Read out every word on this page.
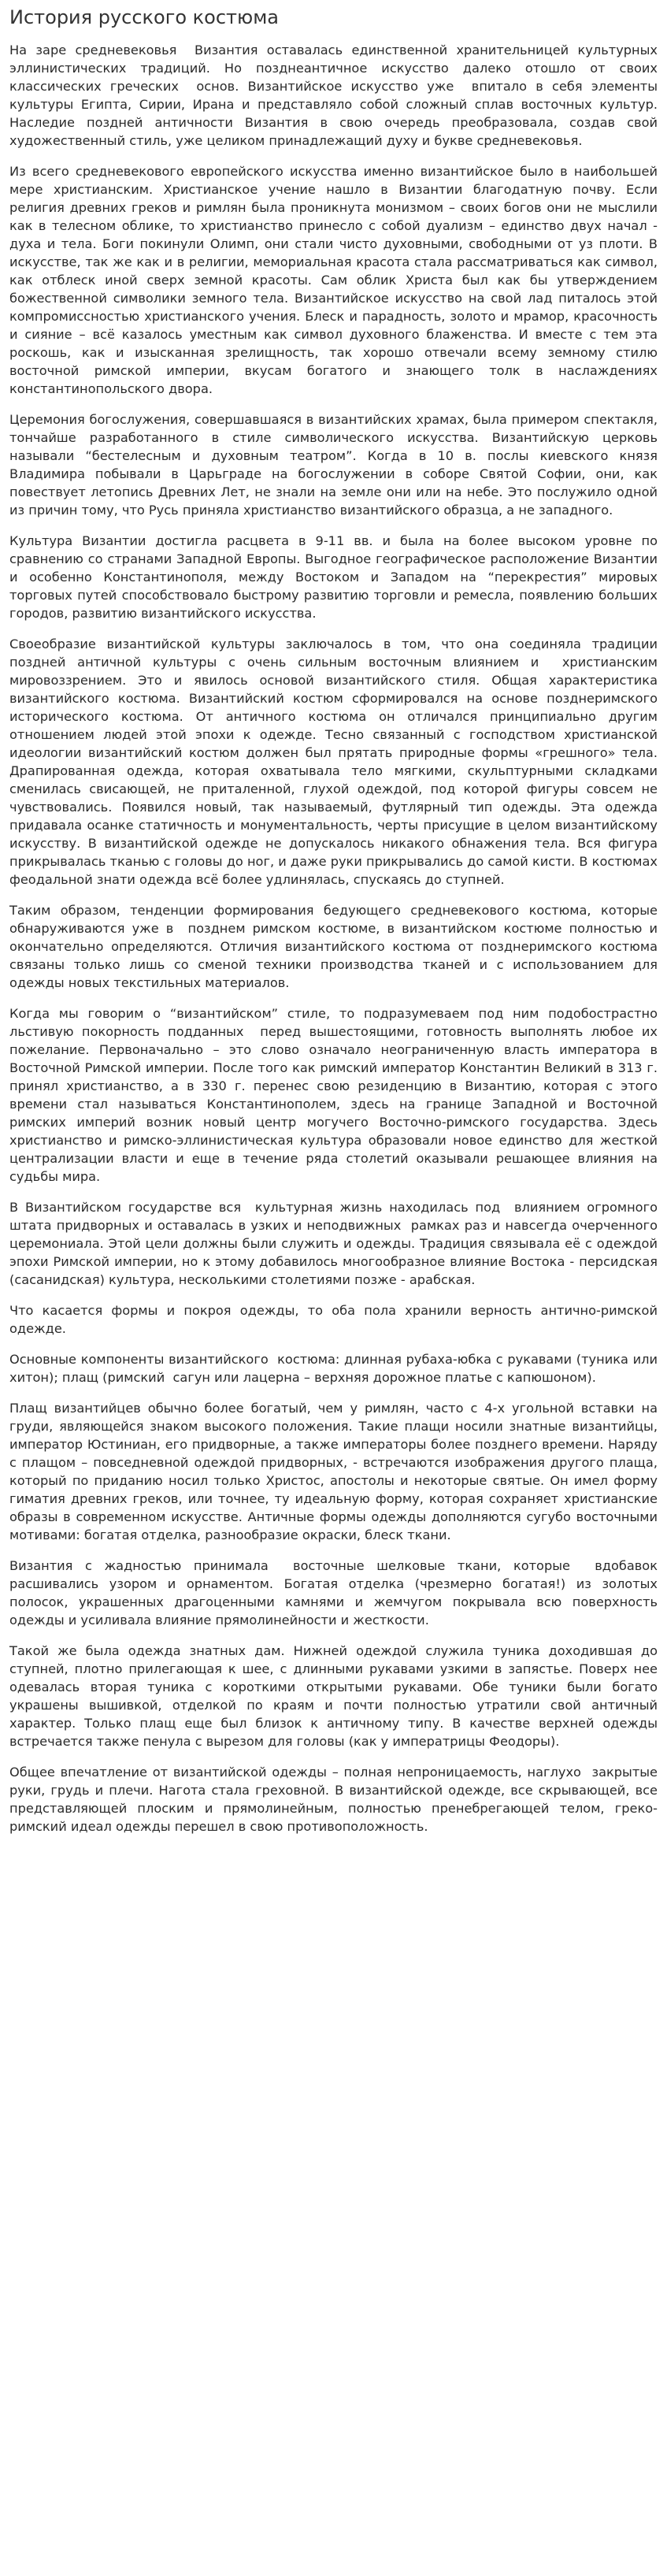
История русского костюма

На заре средневековья  Византия оставалась единственной хранительницей культурных эллинистических традиций. Но позднеантичное искусство далеко отошло от своих классических греческих  основ. Византийское искусство уже  впитало в себя элементы культуры Египта, Сирии, Ирана и представляло собой сложный сплав восточных культур. Наследие поздней античности Византия в свою очередь преобразовала, создав свой художественный стиль, уже целиком принадлежащий духу и букве средневековья.

Из всего средневекового европейского искусства именно византийское было в наибольшей мере христианским. Христианское учение нашло в Византии благодатную почву. Если религия древних греков и римлян была проникнута монизмом – своих богов они не мыслили как в телесном облике, то христианство принесло с собой дуализм – единство двух начал - духа и тела. Боги покинули Олимп, они стали чисто духовными, свободными от уз плоти. В искусстве, так же как и в религии, мемориальная красота стала рассматриваться как символ, как отблеск иной сверх земной красоты. Сам облик Христа был как бы утверждением божественной символики земного тела. Византийское искусство на свой лад питалось этой компромиссностью христианского учения. Блеск и парадность, золото и мрамор, красочность и сияние – всё казалось уместным как символ духовного блаженства. И вместе с тем эта роскошь, как и изысканная зрелищность, так хорошо отвечали всему земному стилю восточной римской империи, вкусам богатого и знающего толк в наслаждениях константинопольского двора.

Церемония богослужения, совершавшаяся в византийских храмах, была примером спектакля, тончайше разработанного в стиле символического искусства. Византийскую церковь называли “бестелесным и духовным театром”. Когда в 10 в. послы киевского князя Владимира побывали в Царьграде на богослужении в соборе Святой Софии, они, как повествует летопись Древних Лет, не знали на земле они или на небе. Это послужило одной из причин тому, что Русь приняла христианство византийского образца, а не западного.

Культура Византии достигла расцвета в 9-11 вв. и была на более высоком уровне по сравнению со странами Западной Европы. Выгодное географическое расположение Византии и особенно Константинополя, между Востоком и Западом на “перекрестия” мировых торговых путей способствовало быстрому развитию торговли и ремесла, появлению больших городов, развитию византийского искусства.

Своеобразие византийской культуры заключалось в том, что она соединяла традиции поздней античной культуры с очень сильным восточным влиянием и  христианским мировоззрением. Это и явилось основой византийского стиля. Общая характеристика византийского костюма. Византийский костюм сформировался на основе позднеримского исторического костюма. От античного костюма он отличался принципиально другим отношением людей этой эпохи к одежде. Тесно связанный с господством христианской идеологии византийский костюм должен был прятать природные формы «грешного» тела. Драпированная одежда, которая охватывала тело мягкими, скульптурными складками сменилась свисающей, не приталенной, глухой одеждой, под которой фигуры совсем не чувствовались. Появился новый, так называемый, футлярный тип одежды. Эта одежда придавала осанке статичность и монументальность, черты присущие в целом византийскому искусству. В византийской одежде не допускалось никакого обнажения тела. Вся фигура прикрывалась тканью с головы до ног, и даже руки прикрывались до самой кисти. В костюмах феодальной знати одежда всё более удлинялась, спускаясь до ступней.

Таким образом, тенденции формирования бедующего средневекового костюма, которые обнаруживаются уже в  позднем римском костюме, в византийском костюме полностью и окончательно определяются. Отличия византийского костюма от позднеримского костюма  связаны только лишь со сменой техники производства тканей и с использованием для одежды новых текстильных материалов.

Когда мы говорим о “византийском” стиле, то подразумеваем под ним подобострастно льстивую покорность подданных  перед вышестоящими, готовность выполнять любое их пожелание. Первоначально – это слово означало неограниченную власть императора в Восточной Римской империи. После того как римский император Константин Великий в 313 г. принял христианство, а в 330 г. перенес свою резиденцию в Византию, которая с этого времени стал называться Константинополем, здесь на границе Западной и Восточной римских империй возник новый центр могучего Восточно-римского государства. Здесь христианство и римско-эллинистическая культура образовали новое единство для жесткой централизации власти и еще в течение ряда столетий оказывали решающее влияния на судьбы мира.

В Византийском государстве вся  культурная жизнь находилась под  влиянием огромного штата придворных и оставалась в узких и неподвижных  рамках раз и навсегда очерченного церемониала. Этой цели должны были служить и одежды. Традиция связывала её с одеждой эпохи Римской империи, но к этому добавилось многообразное влияние Востока - персидская (сасанидская) культура, несколькими столетиями позже - арабская.

Что касается формы и покроя одежды, то оба пола хранили верность антично-римской одежде.

Основные компоненты византийского  костюма: длинная рубаха-юбка с рукавами (туника или хитон); плащ (римский  сагун или лацерна – верхняя дорожное платье с капюшоном).

Плащ византийцев обычно более богатый, чем у римлян, часто с 4-х угольной вставки на груди, являющейся знаком высокого положения. Такие плащи носили знатные византийцы, император Юстиниан, его придворные, а также императоры более позднего времени. Наряду с плащом – повседневной одеждой придворных, - встречаются изображения другого плаща, который по приданию носил только Христос, апостолы и некоторые святые. Он имел форму гиматия древних греков, или точнее, ту идеальную форму, которая сохраняет христианские образы в современном искусстве. Античные формы одежды дополняются сугубо восточными мотивами: богатая отделка, разнообразие окраски, блеск ткани.

Византия с жадностью принимала  восточные шелковые ткани, которые  вдобавок расшивались узором и орнаментом. Богатая отделка (чрезмерно богатая!) из золотых полосок, украшенных драгоценными камнями и жемчугом покрывала всю поверхность одежды и усиливала влияние прямолинейности и жесткости.

Такой же была одежда знатных дам. Нижней одеждой служила туника доходившая до ступней, плотно прилегающая к шее, с длинными рукавами узкими в запястье. Поверх нее одевалась вторая туника с короткими открытыми рукавами. Обе туники были богато украшены вышивкой, отделкой по краям и почти полностью утратили свой античный характер. Только плащ еще был близок к античному типу. В качестве верхней одежды встречается также пенула с вырезом для головы (как у императрицы Феодоры).

Общее впечатление от византийской одежды – полная непроницаемость, наглухо  закрытые руки, грудь и плечи. Нагота стала греховной. В византийской одежде, все скрывающей, все представляющей плоским и прямолинейным, полностью пренебрегающей телом, греко-римский идеал одежды перешел в свою противоположность.
